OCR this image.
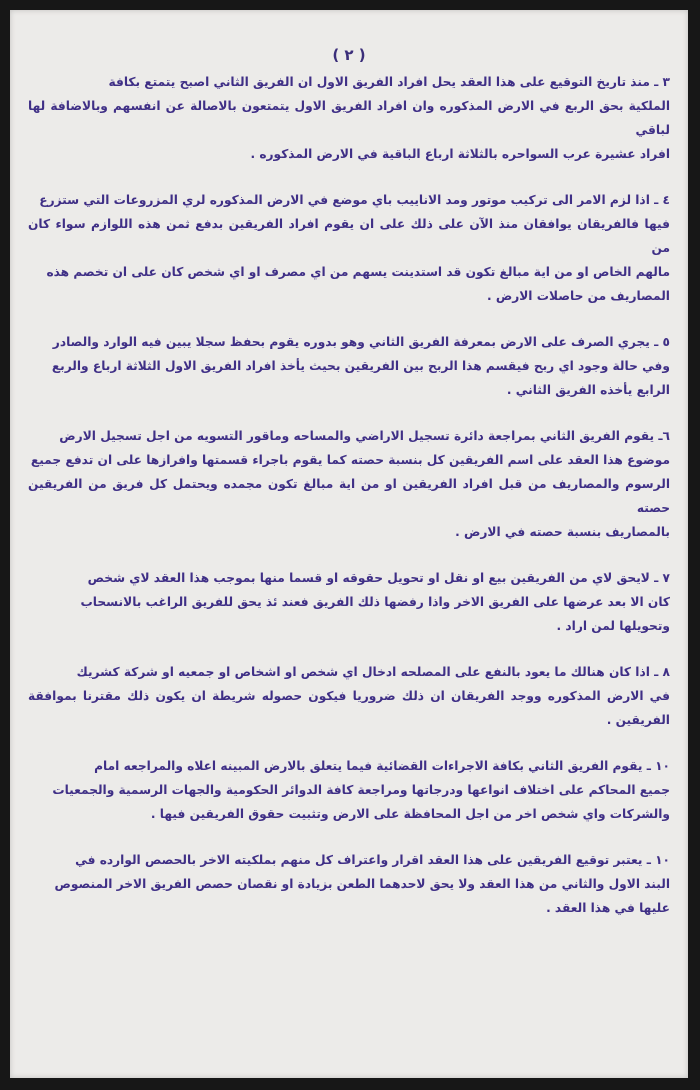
( ٢ )

٣ ـ منذ تاريخ التوقيع على هذا العقد يحل افراد الفريق الاول ان الفريق الثاني اصبح يتمتع بكافة
الملكية بحق الربع في الارض المذكوره وان افراد الفريق الاول يتمتعون بالاصالة عن انفسهم وبالاضافة لها لباقي
افراد عشيرة عرب السواحره بالثلاثة ارباع الباقية في الارض المذكوره .

٤ ـ اذا لزم الامر الى تركيب موتور ومد الاناييب باي موضع في الارض المذكوره لري المزروعات التي ستزرع
فيها فالفريقان يوافقان منذ الآن على ذلك على ان يقوم افراد الفريقين بدفع ثمن هذه اللوازم سواء كان من
مالهم الخاص او من اية مبالغ تكون قد استدينت يسهم من اي مصرف او اي شخص كان على ان تخصم هذه
المصاريف من حاصلات الارض .

٥ ـ يجري الصرف على الارض بمعرفة الفريق الثاني وهو بدوره يقوم بحفظ سجلا يبين فيه الوارد والصادر
وفي حالة وجود اي ربح فيقسم هذا الربح بين الفريقين بحيث يأخذ افراد الفريق الاول الثلاثة ارباع والربع
الرابع يأخذه الفريق الثاني .

٦ـ يقوم الفريق الثاني بمراجعة دائرة تسجيل الاراضي والمساحه وماقور التسويه من اجل تسجيل الارض
موضوع هذا العقد على اسم الفريقين كل بنسبة حصته كما يقوم باجراء قسمتها وافرازها على ان تدفع جميع
الرسوم والمصاريف من قبل افراد الفريقين او من اية مبالغ تكون مجمده ويحتمل كل فريق من الفريقين حصته
بالمصاريف بنسبة حصته في الارض .

٧ ـ لايحق لاي من الفريقين بيع او نقل او تحويل حقوقه او قسما منها بموجب هذا العقد لاي شخص
كان الا بعد عرضها على الفريق الاخر واذا رفضها ذلك الفريق فعند ئذ يحق للفريق الراغب بالانسحاب
وتحويلها لمن اراد .

٨ ـ اذا كان هنالك ما يعود بالنفع على المصلحه ادخال اي شخص او اشخاص او جمعيه او شركة كشريك
في الارض المذكوره ووجد الفريقان ان ذلك ضروريا فيكون حصوله شريطة ان يكون ذلك مقترنا بموافقة الفريقين .

١٠ ـ يقوم الفريق الثاني بكافة الاجراءات القضائية فيما يتعلق بالارض المبينه اعلاه والمراجعه امام
جميع المحاكم على اختلاف انواعها ودرجاتها ومراجعة كافة الدوائر الحكومية والجهات الرسمية والجمعيات
والشركات واي شخص اخر من اجل المحافظة على الارض وتثبيت حقوق الفريقين فيها .

١٠ ـ يعتبر توقيع الفريقين على هذا العقد اقرار واعتراف كل منهم بملكيته الاخر بالحصص الوارده في
البند الاول والثاني من هذا العقد ولا يحق لاحدهما الطعن بزيادة او نقصان حصص الفريق الاخر المنصوص
عليها في هذا العقد .
